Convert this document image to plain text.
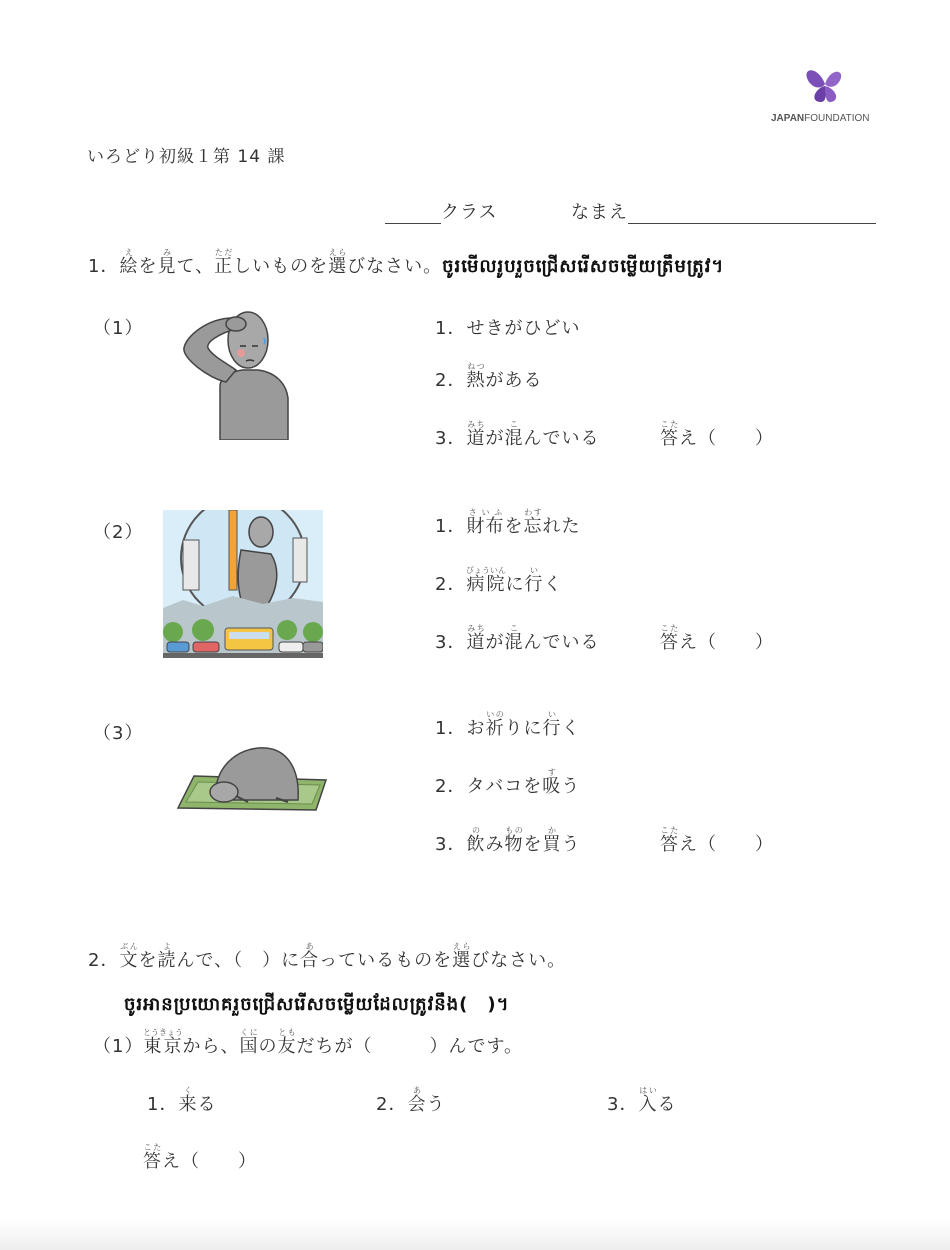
JAPANFOUNDATION
いろどり初級１第 14 課
クラス	なまえ
1．絵えを見みて、正ただしいものを選えらびなさい。ចូរមើលរូបរួចជ្រើសរើសចម្លើយត្រឹមត្រូវ។
（1）	1．せきがひどい
2．熱ねつがある
3．道みちが混こんでいる	答こたえ（　　）
（2）	1．財布さいふを忘わすれた
2．病院びょういんに行いく
3．道みちが混こんでいる	答こたえ（　　）
（3）	1．お祈いのりに行いく
2．タバコを吸すう
3．飲のみ物ものを買かう	答こたえ（　　）
2．文ぶんを読よんで、（　）に合あっているものを選えらびなさい。
ចូរអានប្រយោគរួចជ្រើសរើសចម្លើយដែលត្រូវនឹង(　)។
（1）東京とうきょうから、国くにの友ともだちが（　　　）んです。
1．来くる	2．会あう	3．入はいる
答こたえ（　　）
